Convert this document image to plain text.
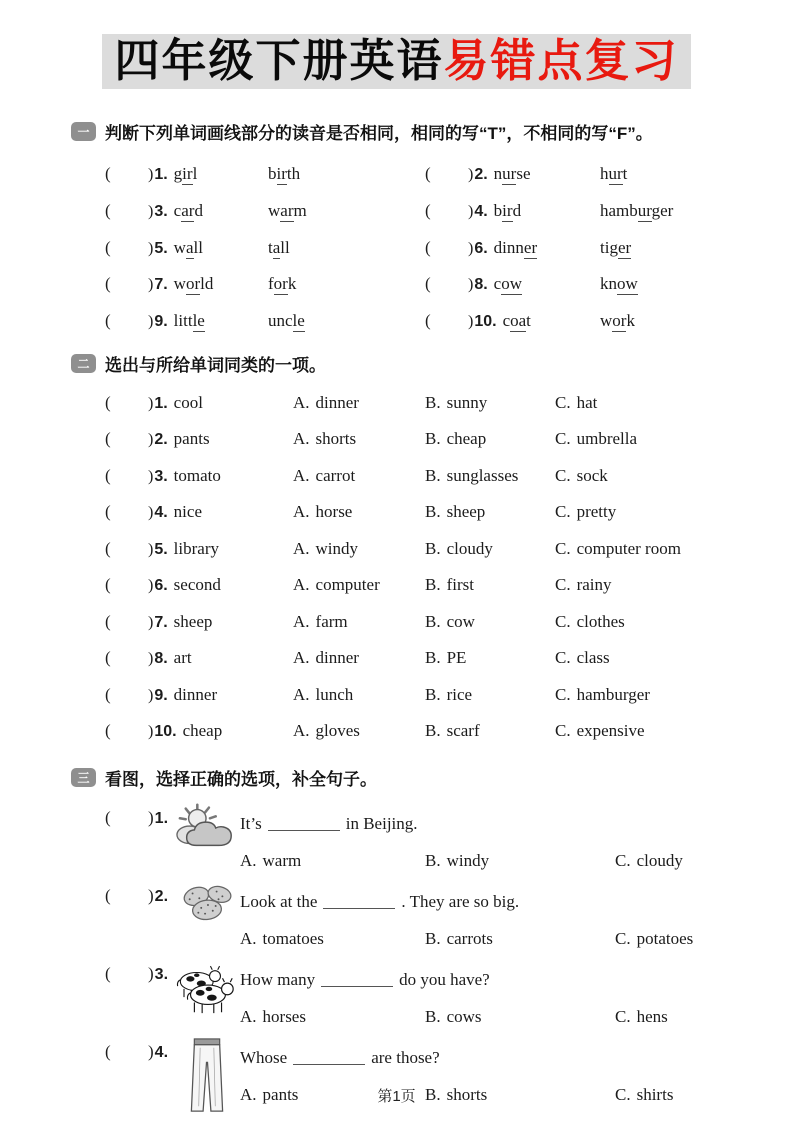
四年级下册英语易错点复习
一 判断下列单词画线部分的读音是否相同，相同的写“T”，不相同的写“F”。
(	)1. girl	birth	(	)2. nurse	hurt
(	)3. card	warm	(	)4. bird	hamburger
(	)5. wall	tall	(	)6. dinner	tiger
(	)7. world	fork	(	)8. cow	know
(	)9. little	uncle	(	)10. coat	work
二 选出与所给单词同类的一项。
(	)1. cool	A. dinner	B. sunny	C. hat
(	)2. pants	A. shorts	B. cheap	C. umbrella
(	)3. tomato	A. carrot	B. sunglasses	C. sock
(	)4. nice	A. horse	B. sheep	C. pretty
(	)5. library	A. windy	B. cloudy	C. computer room
(	)6. second	A. computer	B. first	C. rainy
(	)7. sheep	A. farm	B. cow	C. clothes
(	)8. art	A. dinner	B. PE	C. class
(	)9. dinner	A. lunch	B. rice	C. hamburger
(	)10. cheap	A. gloves	B. scarf	C. expensive
三 看图，选择正确的选项，补全句子。
(	)1.	It’s	in Beijing.
A. warm	B. windy	C. cloudy
(	)2.	Look at the	. They are so big.
A. tomatoes	B. carrots	C. potatoes
(	)3.	How many	do you have?
A. horses	B. cows	C. hens
(	)4.	Whose	are those?
A. pants	B. shorts	C. shirts
第1页
